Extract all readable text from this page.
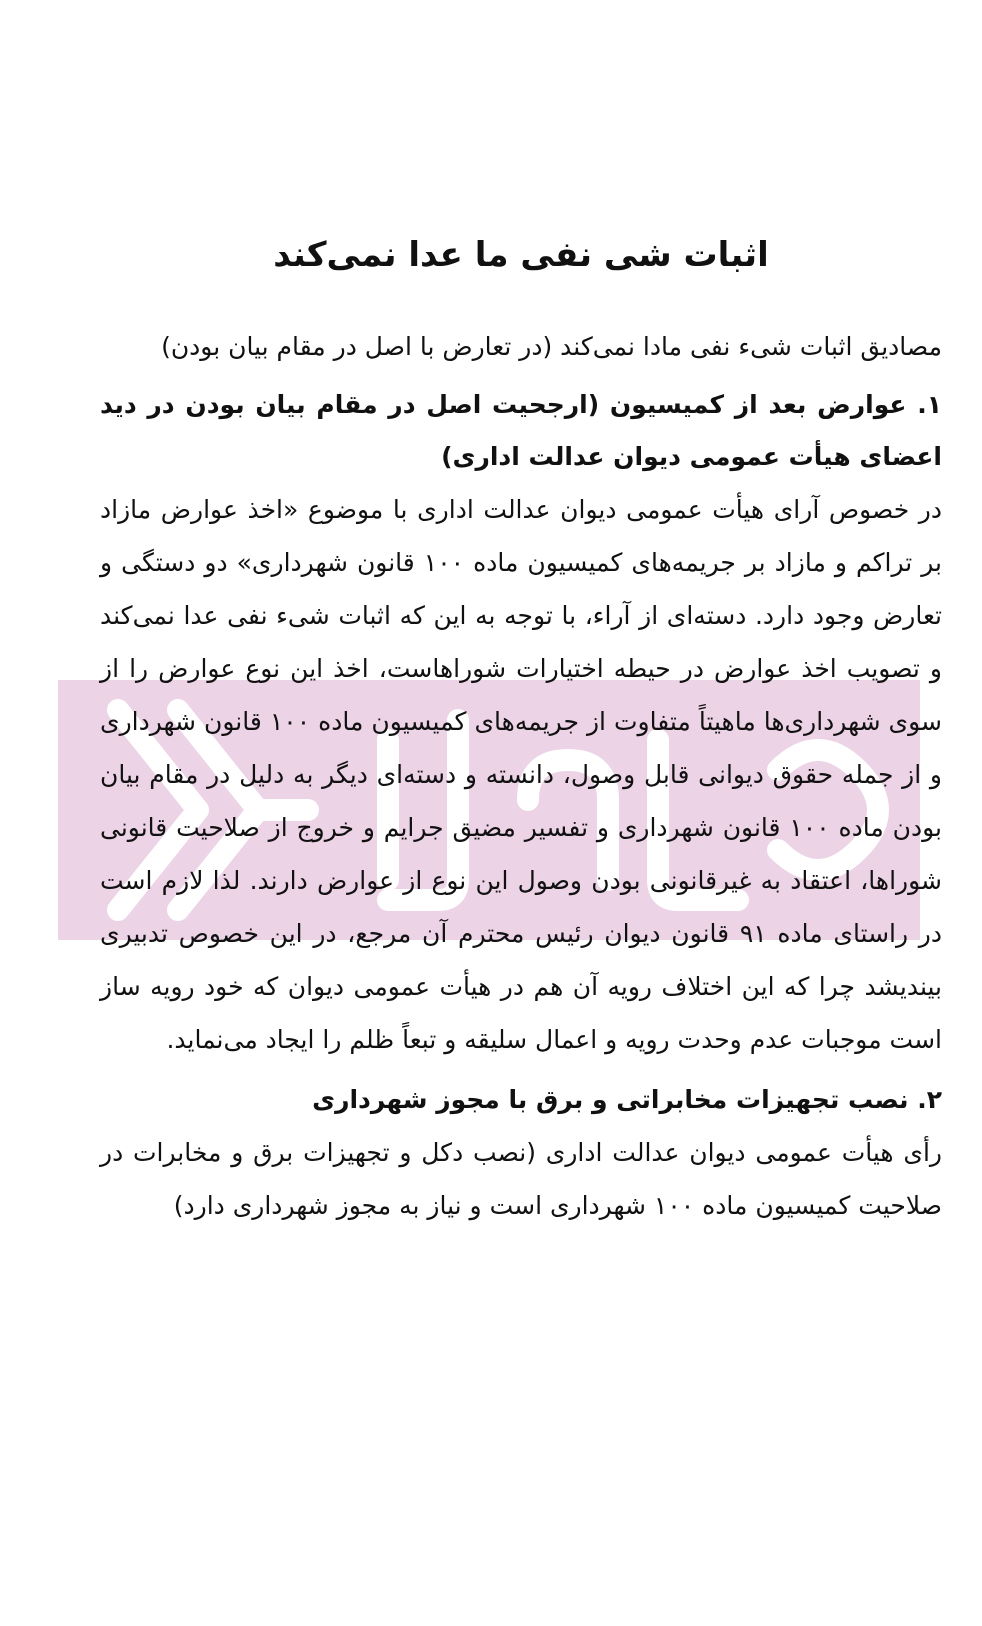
اثبات شی نفی ما عدا نمی‌کند

مصادیق اثبات شیء نفی مادا نمی‌کند (در تعارض با اصل در مقام بیان بودن)

۱. عوارض بعد از کمیسیون (ارجحیت اصل در مقام بیان بودن در دید اعضای هیأت عمومی دیوان عدالت اداری)

در خصوص آرای هیأت عمومی دیوان عدالت اداری با موضوع «اخذ عوارض مازاد بر تراکم و مازاد بر جریمه‌های کمیسیون ماده ۱۰۰ قانون شهرداری» دو دستگی و تعارض وجود دارد. دسته‌ای از آراء، با توجه به این که اثبات شیء نفی عدا نمی‌کند و تصویب اخذ عوارض در حیطه اختیارات شوراهاست، اخذ این نوع عوارض را از سوی شهرداری‌ها ماهیتاً متفاوت از جریمه‌های کمیسیون ماده ۱۰۰ قانون شهرداری و از جمله حقوق دیوانی قابل وصول، دانسته و دسته‌ای دیگر به دلیل در مقام بیان بودن ماده ۱۰۰ قانون شهرداری و تفسیر مضیق جرایم و خروج از صلاحیت قانونی شوراها، اعتقاد به غیرقانونی بودن وصول این نوع از عوارض دارند. لذا لازم است در راستای ماده ۹۱ قانون دیوان رئیس محترم آن مرجع، در این خصوص تدبیری بیندیشد چرا که این اختلاف رویه آن هم در هیأت عمومی دیوان که خود رویه ساز است موجبات عدم وحدت رویه و اعمال سلیقه و تبعاً ظلم را ایجاد می‌نماید.

۲. نصب تجهیزات مخابراتی و برق با مجوز شهرداری

رأی هیأت عمومی دیوان عدالت اداری (نصب دکل و تجهیزات برق و مخابرات در صلاحیت کمیسیون ماده ۱۰۰ شهرداری است و نیاز به مجوز شهرداری دارد)
